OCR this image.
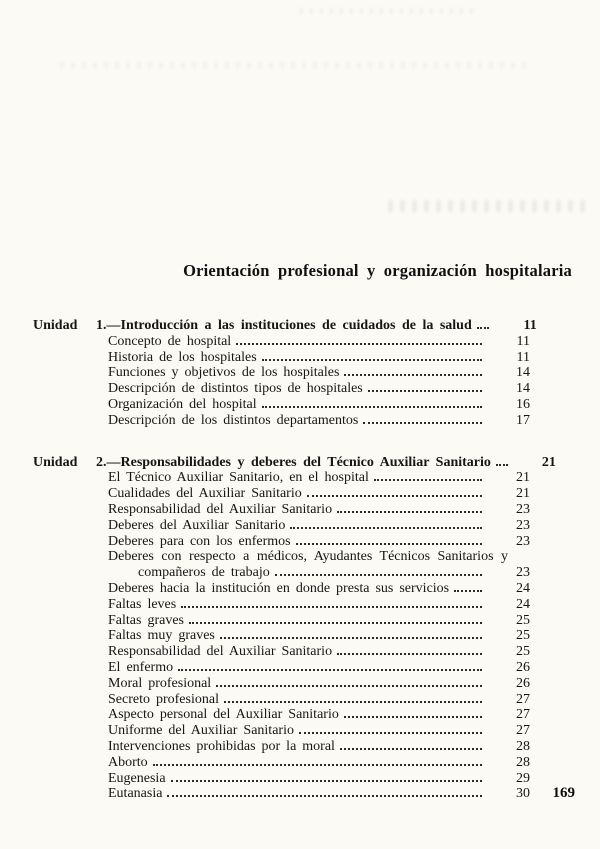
Orientación profesional y organización hospitalaria
Unidad	1.—Introducción a las instituciones de cuidados de la salud	11
Concepto de hospital	11
Historia de los hospitales	11
Funciones y objetivos de los hospitales	14
Descripción de distintos tipos de hospitales	14
Organización del hospital	16
Descripción de los distintos departamentos	17
Unidad	2.—Responsabilidades y deberes del Técnico Auxiliar Sanitario	21
El Técnico Auxiliar Sanitario, en el hospital	21
Cualidades del Auxiliar Sanitario	21
Responsabilidad del Auxiliar Sanitario	23
Deberes del Auxiliar Sanitario	23
Deberes para con los enfermos	23
Deberes con respecto a médicos, Ayudantes Técnicos Sanitarios y
compañeros de trabajo	23
Deberes hacia la institución en donde presta sus servicios	24
Faltas leves	24
Faltas graves	25
Faltas muy graves	25
Responsabilidad del Auxiliar Sanitario	25
El enfermo	26
Moral profesional	26
Secreto profesional	27
Aspecto personal del Auxiliar Sanitario	27
Uniforme del Auxiliar Sanitario	27
Intervenciones prohibidas por la moral	28
Aborto	28
Eugenesia	29
Eutanasia	30	169
